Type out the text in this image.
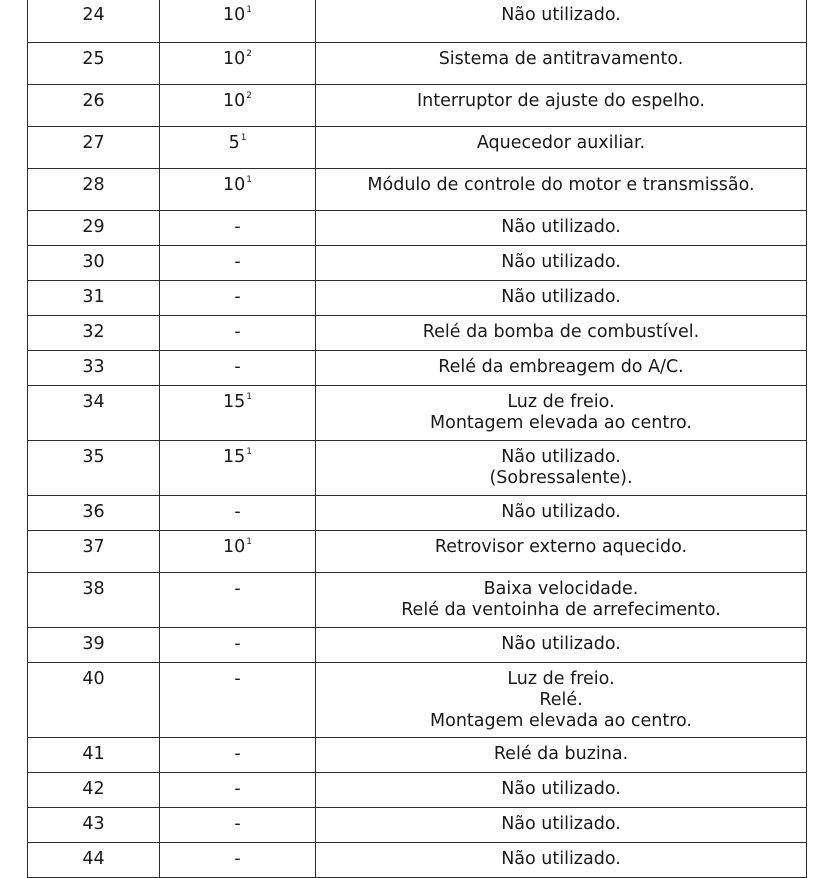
24	10$^1$	Não utilizado.

25	10$^2$	Sistema de antitravamento.

26	10$^2$	Interruptor de ajuste do espelho.

27	5$^1$	Aquecedor auxiliar.

28	10$^1$	Módulo de controle do motor e transmissão.

29	-	Não utilizado.

30	-	Não utilizado.

31	-	Não utilizado.

32	-	Relé da bomba de combustível.

33	-	Relé da embreagem do A/C.

34	15$^1$	Luz de freio.
Montagem elevada ao centro.

35	15$^1$	Não utilizado.
(Sobressalente).

36	-	Não utilizado.

37	10$^1$	Retrovisor externo aquecido.

38	-	Baixa velocidade.
Relé da ventoinha de arrefecimento.

39	-	Não utilizado.

40	-	Luz de freio.
Relé.
Montagem elevada ao centro.

41	-	Relé da buzina.

42	-	Não utilizado.

43	-	Não utilizado.

44	-	Não utilizado.
